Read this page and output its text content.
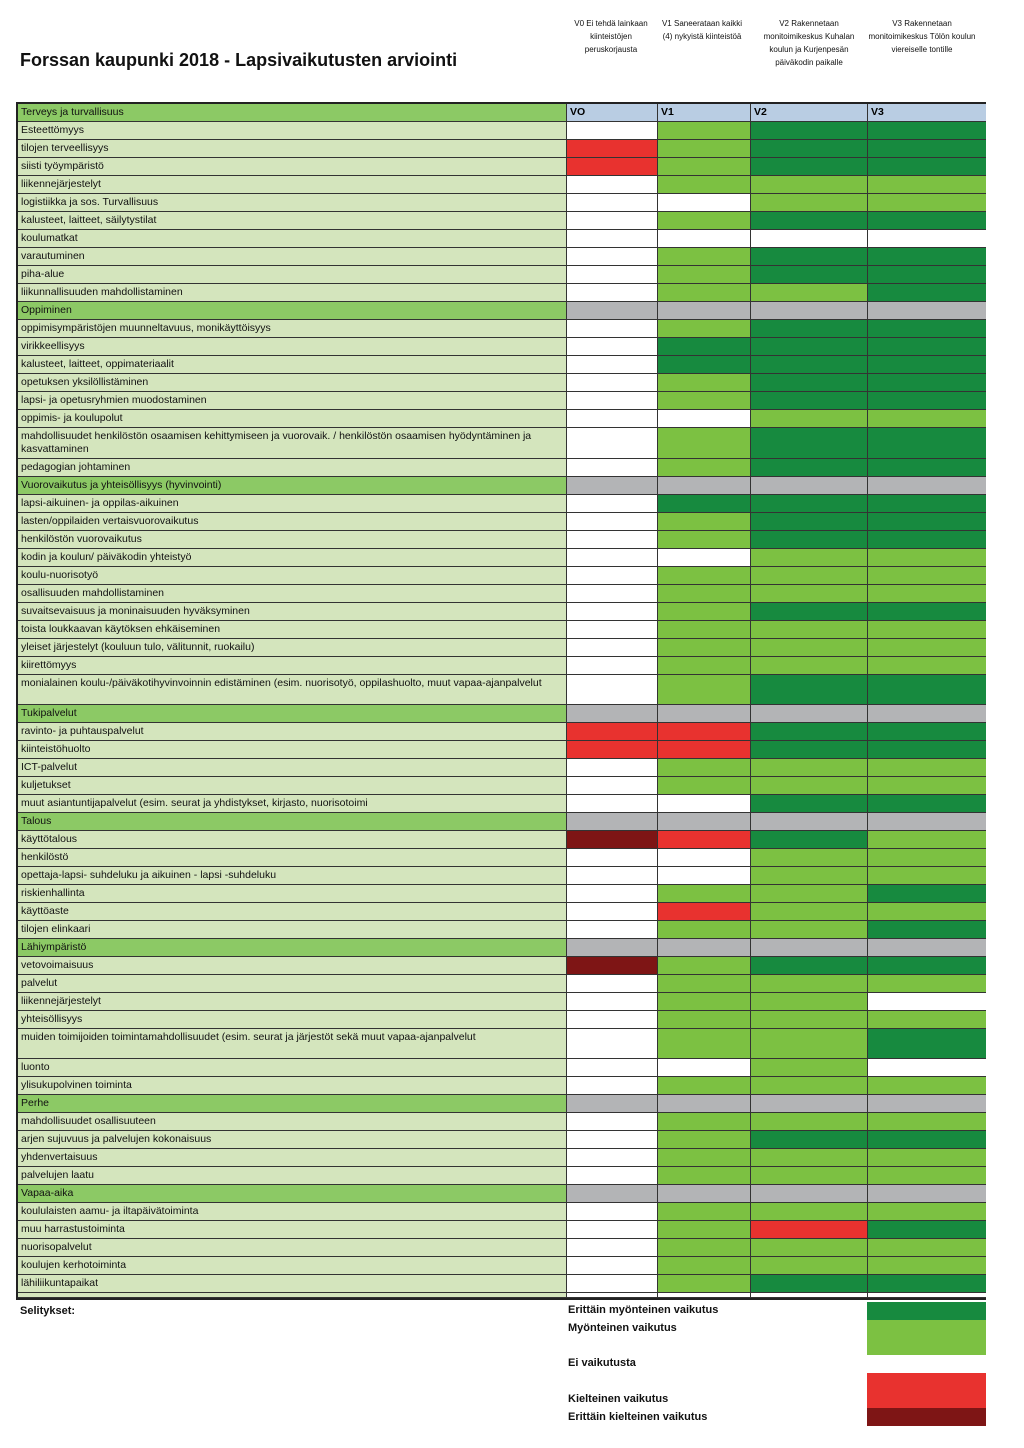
Forssan kaupunki 2018 - Lapsivaikutusten arviointi
V0 Ei tehdä lainkaan kiinteistöjen peruskorjausta
V1 Saneerataan kaikki (4) nykyistä kiinteistöä
V2 Rakennetaan monitoimikeskus Kuhalan koulun ja Kurjenpesän päiväkodin paikalle
V3 Rakennetaan monitoimikeskus Tölön koulun viereiselle tontille
Terveys ja turvallisuus	VO	V1	V2	V3
Esteettömyys
tilojen terveellisyys
siisti työympäristö
liikennejärjestelyt
logistiikka ja sos. Turvallisuus
kalusteet, laitteet, säilytystilat
koulumatkat
varautuminen
piha-alue
liikunnallisuuden mahdollistaminen
Oppiminen
oppimisympäristöjen muunneltavuus, monikäyttöisyys
virikkeellisyys
kalusteet, laitteet, oppimateriaalit
opetuksen yksilöllistäminen
lapsi- ja opetusryhmien muodostaminen
oppimis- ja koulupolut
mahdollisuudet henkilöstön osaamisen kehittymiseen ja vuorovaik. / henkilöstön osaamisen hyödyntäminen ja kasvattaminen
pedagogian johtaminen
Vuorovaikutus ja yhteisöllisyys (hyvinvointi)
lapsi-aikuinen- ja oppilas-aikuinen
lasten/oppilaiden vertaisvuorovaikutus
henkilöstön vuorovaikutus
kodin ja koulun/ päiväkodin yhteistyö
koulu-nuorisotyö
osallisuuden mahdollistaminen
suvaitsevaisuus ja moninaisuuden hyväksyminen
toista loukkaavan käytöksen ehkäiseminen
yleiset järjestelyt (kouluun tulo, välitunnit, ruokailu)
kiirettömyys
monialainen koulu-/päiväkotihyvinvoinnin edistäminen (esim. nuorisotyö, oppilashuolto, muut vapaa-ajanpalvelut
Tukipalvelut
ravinto- ja puhtauspalvelut
kiinteistöhuolto
ICT-palvelut
kuljetukset
muut asiantuntijapalvelut (esim. seurat ja yhdistykset, kirjasto, nuorisotoimi
Talous
käyttötalous
henkilöstö
opettaja-lapsi- suhdeluku ja aikuinen - lapsi -suhdeluku
riskienhallinta
käyttöaste
tilojen elinkaari
Lähiympäristö
vetovoimaisuus
palvelut
liikennejärjestelyt
yhteisöllisyys
muiden toimijoiden toimintamahdollisuudet (esim. seurat ja järjestöt sekä muut vapaa-ajanpalvelut
luonto
ylisukupolvinen toiminta
Perhe
mahdollisuudet osallisuuteen
arjen sujuvuus ja palvelujen kokonaisuus
yhdenvertaisuus
palvelujen laatu
Vapaa-aika
koululaisten aamu- ja iltapäivätoiminta
muu harrastustoiminta
nuorisopalvelut
koulujen kerhotoiminta
lähiliikuntapaikat
Selitykset:	Erittäin myönteinen vaikutus
Myönteinen vaikutus
Ei vaikutusta
Kielteinen vaikutus
Erittäin kielteinen vaikutus
